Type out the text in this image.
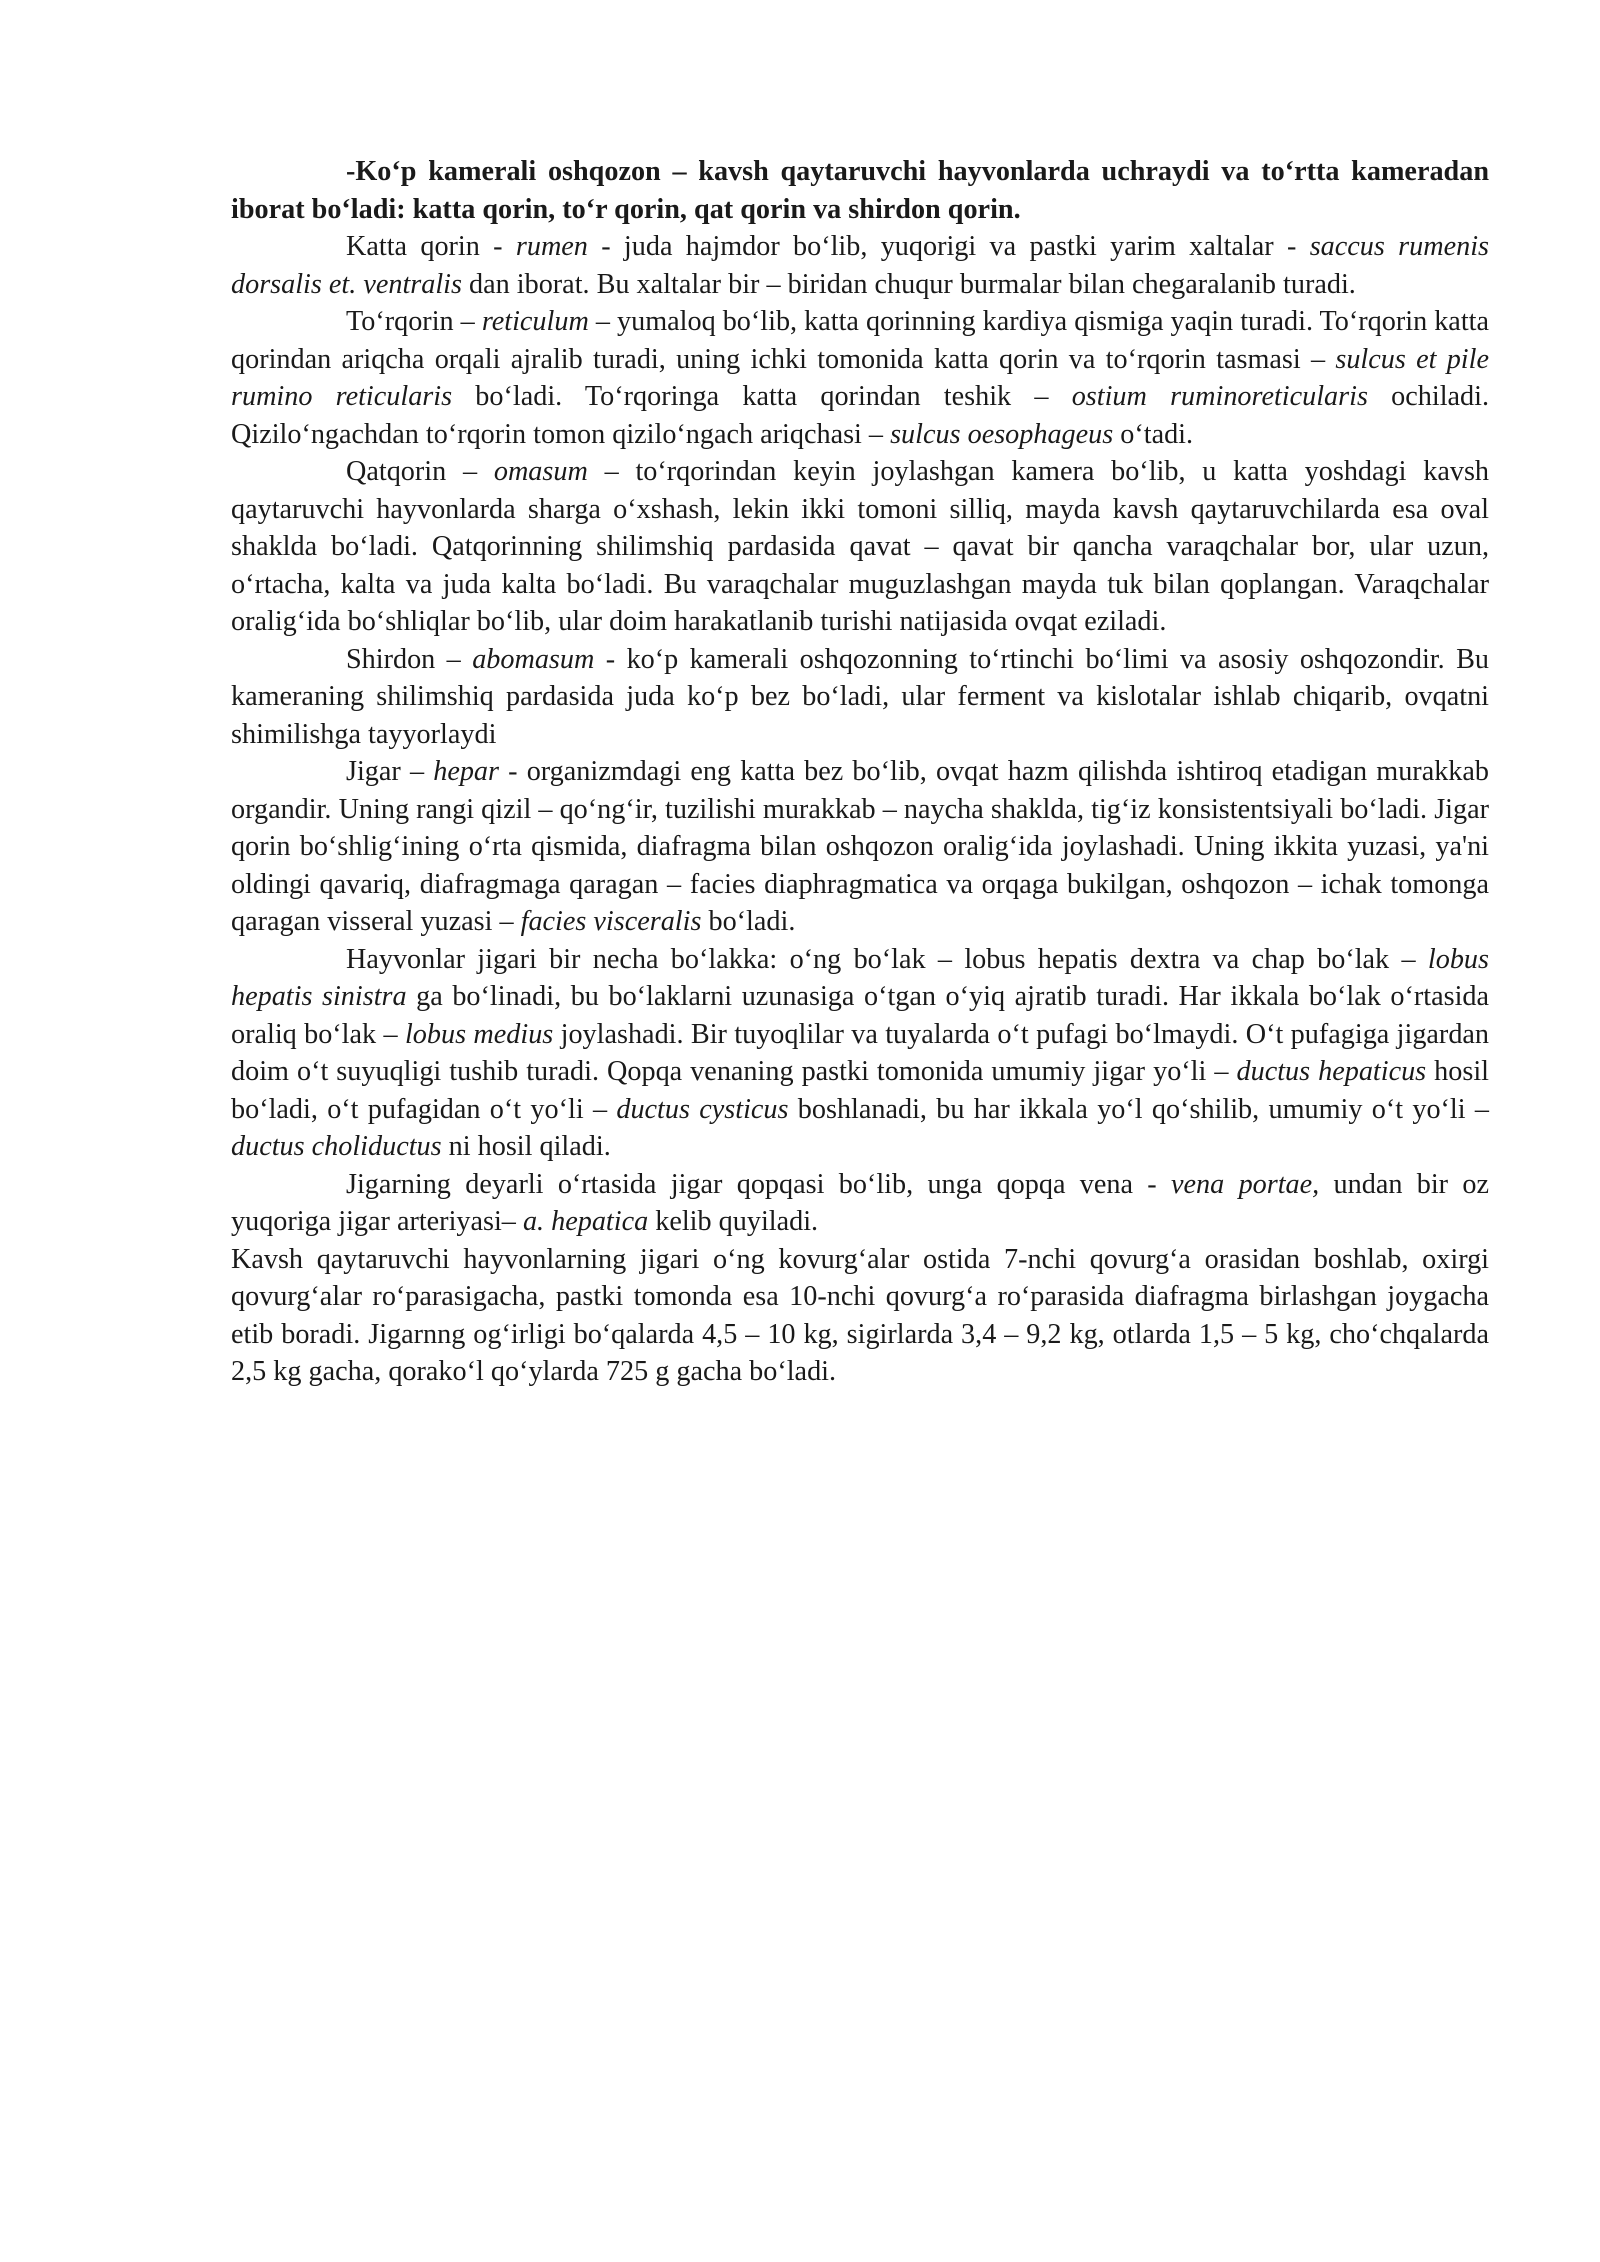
-Ko‘p kamerali oshqozon – kavsh qaytaruvchi hayvonlarda uchraydi va to‘rtta kameradan iborat bo‘ladi: katta qorin, to‘r qorin, qat qorin va shirdon qorin.

Katta qorin - rumen - juda hajmdor bo‘lib, yuqorigi va pastki yarim xaltalar - saccus rumenis dorsalis et. ventralis dan iborat. Bu xaltalar bir – biridan chuqur burmalar bilan chegaralanib turadi.

To‘rqorin – reticulum – yumaloq bo‘lib, katta qorinning kardiya qismiga yaqin turadi. To‘rqorin katta qorindan ariqcha orqali ajralib turadi, uning ichki tomonida katta qorin va to‘rqorin tasmasi – sulcus et pile rumino reticularis bo‘ladi. To‘rqoringa katta qorindan teshik – ostium ruminoreticularis ochiladi. Qizilo‘ngachdan to‘rqorin tomon qizilo‘ngach ariqchasi – sulcus oesophageus o‘tadi.

Qatqorin – omasum – to‘rqorindan keyin joylashgan kamera bo‘lib, u katta yoshdagi kavsh qaytaruvchi hayvonlarda sharga o‘xshash, lekin ikki tomoni silliq, mayda kavsh qaytaruvchilarda esa oval shaklda bo‘ladi. Qatqorinning shilimshiq pardasida qavat – qavat bir qancha varaqchalar bor, ular uzun, o‘rtacha, kalta va juda kalta bo‘ladi. Bu varaqchalar muguzlashgan mayda tuk bilan qoplangan. Varaqchalar oralig‘ida bo‘shliqlar bo‘lib, ular doim harakatlanib turishi natijasida ovqat eziladi.

Shirdon – abomasum - ko‘p kamerali oshqozonning to‘rtinchi bo‘limi va asosiy oshqozondir. Bu kameraning shilimshiq pardasida juda ko‘p bez bo‘ladi, ular ferment va kislotalar ishlab chiqarib, ovqatni shimilishga tayyorlaydi

Jigar – hepar - organizmdagi eng katta bez bo‘lib, ovqat hazm qilishda ishtiroq etadigan murakkab organdir. Uning rangi qizil – qo‘ng‘ir, tuzilishi murakkab – naycha shaklda, tig‘iz konsistentsiyali bo‘ladi. Jigar qorin bo‘shlig‘ining o‘rta qismida, diafragma bilan oshqozon oralig‘ida joylashadi. Uning ikkita yuzasi, ya'ni oldingi qavariq, diafragmaga qaragan – facies diaphragmatica va orqaga bukilgan, oshqozon – ichak tomonga qaragan visseral yuzasi – facies visceralis bo‘ladi.

Hayvonlar jigari bir necha bo‘lakka: o‘ng bo‘lak – lobus hepatis dextra va chap bo‘lak – lobus hepatis sinistra ga bo‘linadi, bu bo‘laklarni uzunasiga o‘tgan o‘yiq ajratib turadi. Har ikkala bo‘lak o‘rtasida oraliq bo‘lak – lobus medius joylashadi. Bir tuyoqlilar va tuyalarda o‘t pufagi bo‘lmaydi. O‘t pufagiga jigardan doim o‘t suyuqligi tushib turadi. Qopqa venaning pastki tomonida umumiy jigar yo‘li – ductus hepaticus hosil bo‘ladi, o‘t pufagidan o‘t yo‘li – ductus cysticus boshlanadi, bu har ikkala yo‘l qo‘shilib, umumiy o‘t yo‘li – ductus choliductus ni hosil qiladi.

Jigarning deyarli o‘rtasida jigar qopqasi bo‘lib, unga qopqa vena - vena portae, undan bir oz yuqoriga jigar arteriyasi– a. hepatica kelib quyiladi.

Kavsh qaytaruvchi hayvonlarning jigari o‘ng kovurg‘alar ostida 7-nchi qovurg‘a orasidan boshlab, oxirgi qovurg‘alar ro‘parasigacha, pastki tomonda esa 10-nchi qovurg‘a ro‘parasida diafragma birlashgan joygacha etib boradi. Jigarnng og‘irligi bo‘qalarda 4,5 – 10 kg, sigirlarda 3,4 – 9,2 kg, otlarda 1,5 – 5 kg, cho‘chqalarda 2,5 kg gacha, qorako‘l qo‘ylarda 725 g gacha bo‘ladi.
